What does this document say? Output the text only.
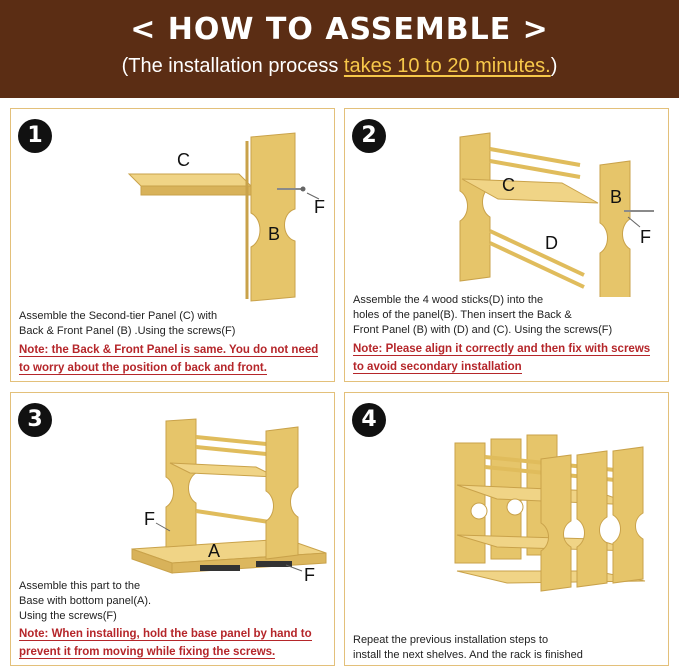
< HOW TO ASSEMBLE >
(The installation process takes 10 to 20 minutes.)
1
C
F
B
Assemble the Second-tier Panel (C) with
Back & Front Panel (B) .Using the screws(F)
Note: the Back & Front Panel is same. You do not need
to worry about the position of back and front.
2
C
B
D	F
Assemble the 4 wood sticks(D) into the
holes of the panel(B). Then insert the Back &
Front Panel (B) with (D) and (C). Using the screws(F)
Note: Please align it correctly and then fix with screws
to avoid secondary installation
3
F
A
F
Assemble this part to the
Base with bottom panel(A).
Using the screws(F)
Note: When installing, hold the base panel by hand to
prevent it from moving while fixing the screws.
4
Repeat the previous installation steps to
install the next shelves. And the rack is finished
